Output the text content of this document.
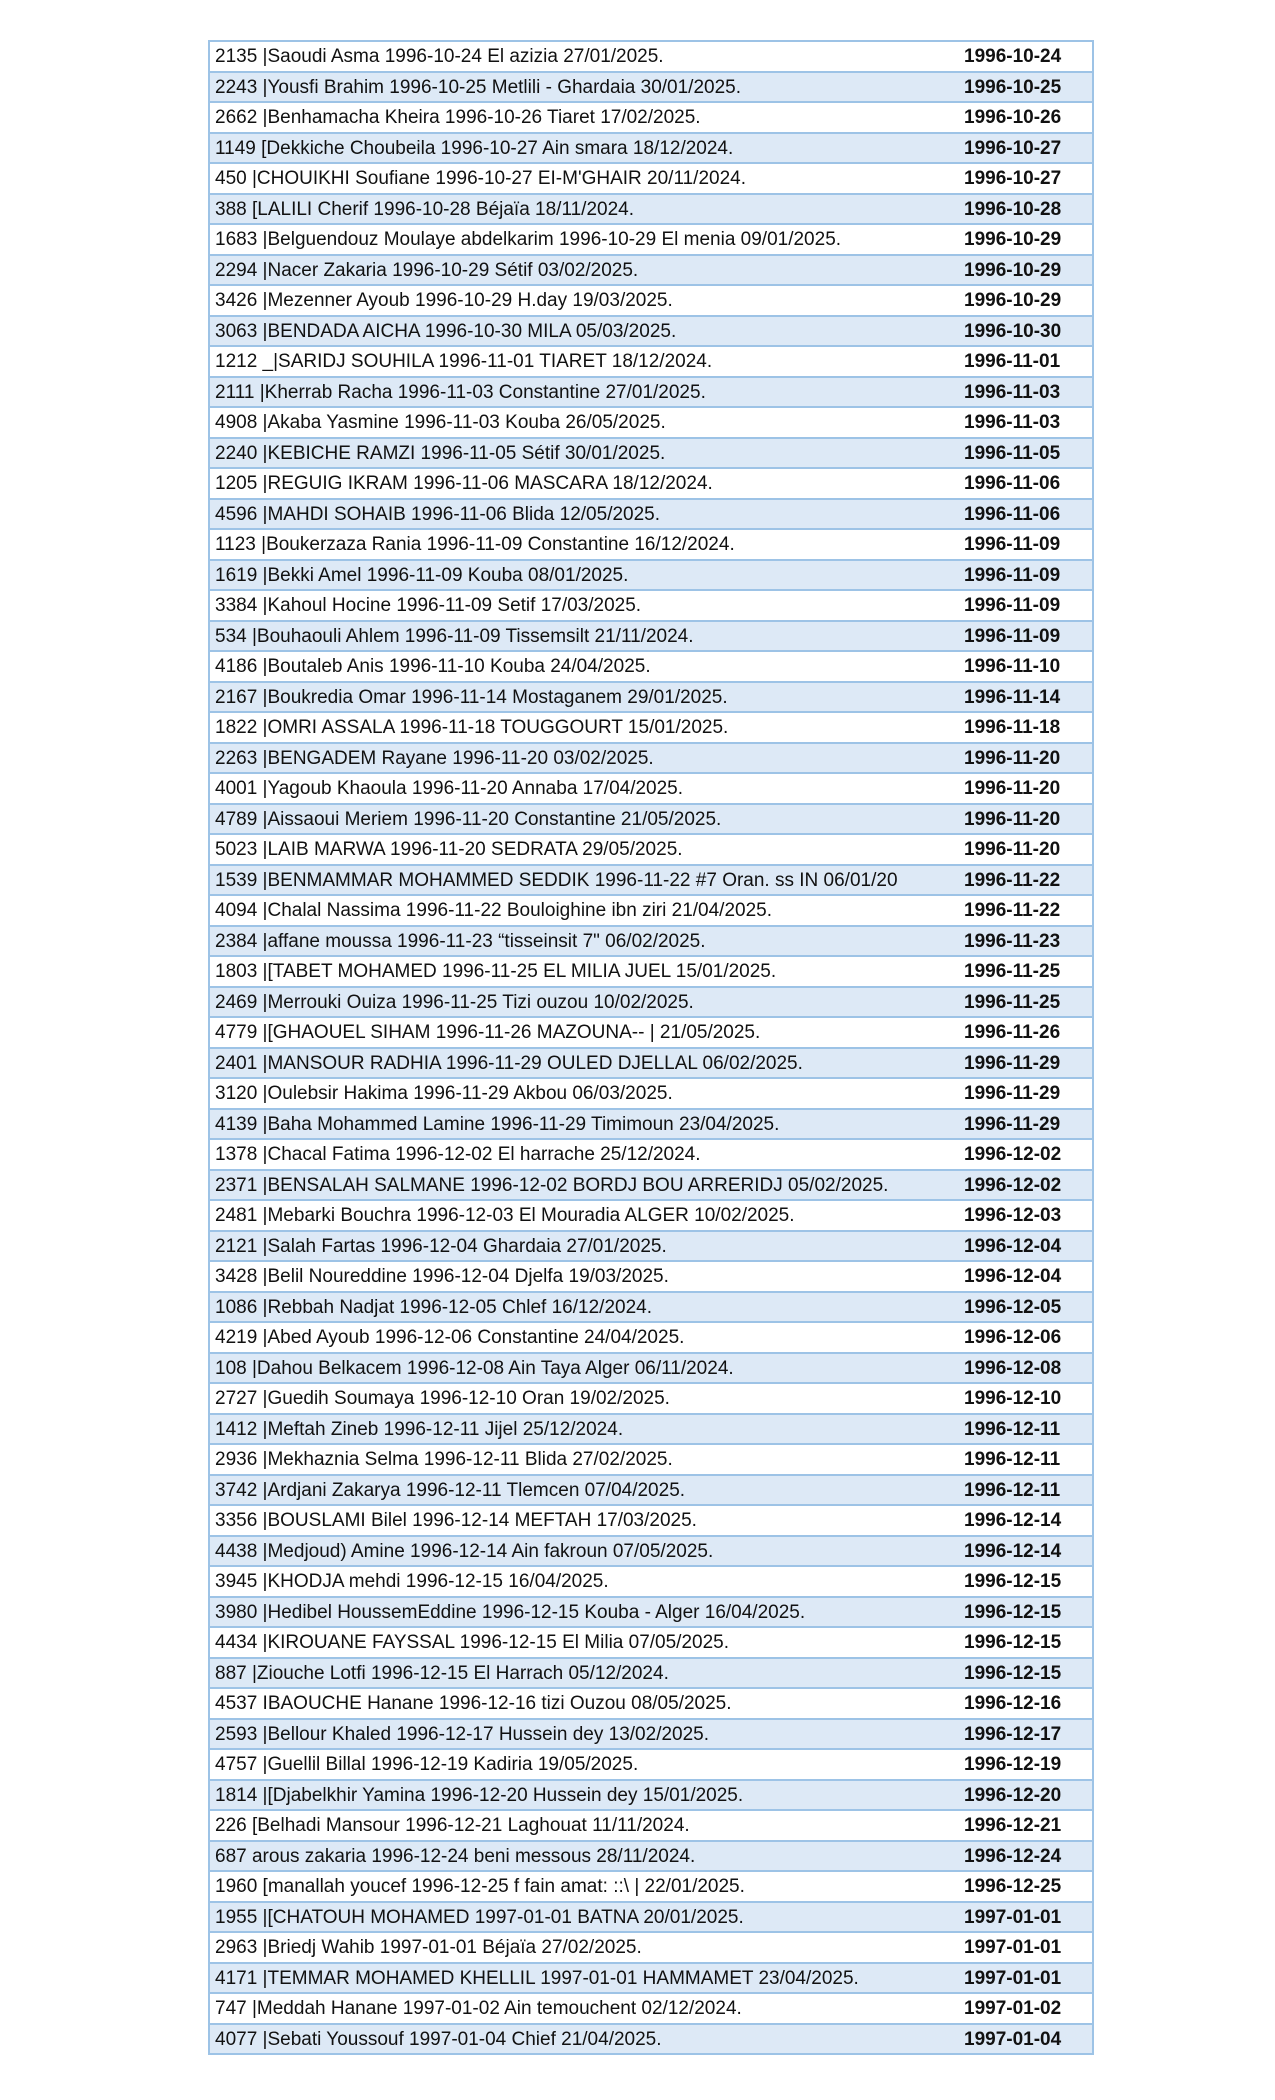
2135 |Saoudi Asma 1996-10-24 El azizia 27/01/2025.	1996-10-24
2243 |Yousfi Brahim 1996-10-25 Metlili - Ghardaia 30/01/2025.	1996-10-25
2662 |Benhamacha Kheira 1996-10-26 Tiaret 17/02/2025.	1996-10-26
1149 [Dekkiche Choubeila 1996-10-27 Ain smara 18/12/2024.	1996-10-27
450 |CHOUIKHI Soufiane 1996-10-27 EI-M'GHAIR 20/11/2024.	1996-10-27
388 [LALILI Cherif 1996-10-28 Béjaïa 18/11/2024.	1996-10-28
1683 |Belguendouz Moulaye abdelkarim 1996-10-29 El menia 09/01/2025.	1996-10-29
2294 |Nacer Zakaria 1996-10-29 Sétif 03/02/2025.	1996-10-29
3426 |Mezenner Ayoub 1996-10-29 H.day 19/03/2025.	1996-10-29
3063 |BENDADA AICHA 1996-10-30 MILA 05/03/2025.	1996-10-30
1212 _|SARIDJ SOUHILA 1996-11-01 TIARET 18/12/2024.	1996-11-01
2111 |Kherrab Racha 1996-11-03 Constantine 27/01/2025.	1996-11-03
4908 |Akaba Yasmine 1996-11-03 Kouba 26/05/2025.	1996-11-03
2240 |KEBICHE RAMZI 1996-11-05 Sétif 30/01/2025.	1996-11-05
1205 |REGUIG IKRAM 1996-11-06 MASCARA 18/12/2024.	1996-11-06
4596 |MAHDI SOHAIB 1996-11-06 Blida 12/05/2025.	1996-11-06
1123 |Boukerzaza Rania 1996-11-09 Constantine 16/12/2024.	1996-11-09
1619 |Bekki Amel 1996-11-09 Kouba 08/01/2025.	1996-11-09
3384 |Kahoul Hocine 1996-11-09 Setif 17/03/2025.	1996-11-09
534 |Bouhaouli Ahlem 1996-11-09 Tissemsilt 21/11/2024.	1996-11-09
4186 |Boutaleb Anis 1996-11-10 Kouba 24/04/2025.	1996-11-10
2167 |Boukredia Omar 1996-11-14 Mostaganem 29/01/2025.	1996-11-14
1822 |OMRI ASSALA 1996-11-18 TOUGGOURT 15/01/2025.	1996-11-18
2263 |BENGADEM Rayane 1996-11-20 03/02/2025.	1996-11-20
4001 |Yagoub Khaoula 1996-11-20 Annaba 17/04/2025.	1996-11-20
4789 |Aissaoui Meriem 1996-11-20 Constantine 21/05/2025.	1996-11-20
5023 |LAIB MARWA 1996-11-20 SEDRATA 29/05/2025.	1996-11-20
1539 |BENMAMMAR MOHAMMED SEDDIK 1996-11-22 #7 Oran. ss IN 06/01/20	1996-11-22
4094 |Chalal Nassima 1996-11-22 Bouloighine ibn ziri 21/04/2025.	1996-11-22
2384 |affane moussa 1996-11-23 “tisseinsit 7" 06/02/2025.	1996-11-23
1803 |[TABET MOHAMED 1996-11-25 EL MILIA JUEL 15/01/2025.	1996-11-25
2469 |Merrouki Ouiza 1996-11-25 Tizi ouzou 10/02/2025.	1996-11-25
4779 |[GHAOUEL SIHAM 1996-11-26 MAZOUNA-- | 21/05/2025.	1996-11-26
2401 |MANSOUR RADHIA 1996-11-29 OULED DJELLAL 06/02/2025.	1996-11-29
3120 |Oulebsir Hakima 1996-11-29 Akbou 06/03/2025.	1996-11-29
4139 |Baha Mohammed Lamine 1996-11-29 Timimoun 23/04/2025.	1996-11-29
1378 |Chacal Fatima 1996-12-02 El harrache 25/12/2024.	1996-12-02
2371 |BENSALAH SALMANE 1996-12-02 BORDJ BOU ARRERIDJ 05/02/2025.	1996-12-02
2481 |Mebarki Bouchra 1996-12-03 El Mouradia ALGER 10/02/2025.	1996-12-03
2121 |Salah Fartas 1996-12-04 Ghardaia 27/01/2025.	1996-12-04
3428 |Belil Noureddine 1996-12-04 Djelfa 19/03/2025.	1996-12-04
1086 |Rebbah Nadjat 1996-12-05 Chlef 16/12/2024.	1996-12-05
4219 |Abed Ayoub 1996-12-06 Constantine 24/04/2025.	1996-12-06
108 |Dahou Belkacem 1996-12-08 Ain Taya Alger 06/11/2024.	1996-12-08
2727 |Guedih Soumaya 1996-12-10 Oran 19/02/2025.	1996-12-10
1412 |Meftah Zineb 1996-12-11 Jijel 25/12/2024.	1996-12-11
2936 |Mekhaznia Selma 1996-12-11 Blida 27/02/2025.	1996-12-11
3742 |Ardjani Zakarya 1996-12-11 Tlemcen 07/04/2025.	1996-12-11
3356 |BOUSLAMI Bilel 1996-12-14 MEFTAH 17/03/2025.	1996-12-14
4438 |Medjoud) Amine 1996-12-14 Ain fakroun 07/05/2025.	1996-12-14
3945 |KHODJA mehdi 1996-12-15 16/04/2025.	1996-12-15
3980 |Hedibel HoussemEddine 1996-12-15 Kouba - Alger 16/04/2025.	1996-12-15
4434 |KIROUANE FAYSSAL 1996-12-15 El Milia 07/05/2025.	1996-12-15
887 |Ziouche Lotfi 1996-12-15 El Harrach 05/12/2024.	1996-12-15
4537 IBAOUCHE Hanane 1996-12-16 tizi Ouzou 08/05/2025.	1996-12-16
2593 |Bellour Khaled 1996-12-17 Hussein dey 13/02/2025.	1996-12-17
4757 |Guellil Billal 1996-12-19 Kadiria 19/05/2025.	1996-12-19
1814 |[Djabelkhir Yamina 1996-12-20 Hussein dey 15/01/2025.	1996-12-20
226 [Belhadi Mansour 1996-12-21 Laghouat 11/11/2024.	1996-12-21
687 arous zakaria 1996-12-24 beni messous 28/11/2024.	1996-12-24
1960 [manallah youcef 1996-12-25 f fain amat: ::\ | 22/01/2025.	1996-12-25
1955 |[CHATOUH MOHAMED 1997-01-01 BATNA 20/01/2025.	1997-01-01
2963 |Briedj Wahib 1997-01-01 Béjaïa 27/02/2025.	1997-01-01
4171 |TEMMAR MOHAMED KHELLIL 1997-01-01 HAMMAMET 23/04/2025.	1997-01-01
747 |Meddah Hanane 1997-01-02 Ain temouchent 02/12/2024.	1997-01-02
4077 |Sebati Youssouf 1997-01-04 Chief 21/04/2025.	1997-01-04
